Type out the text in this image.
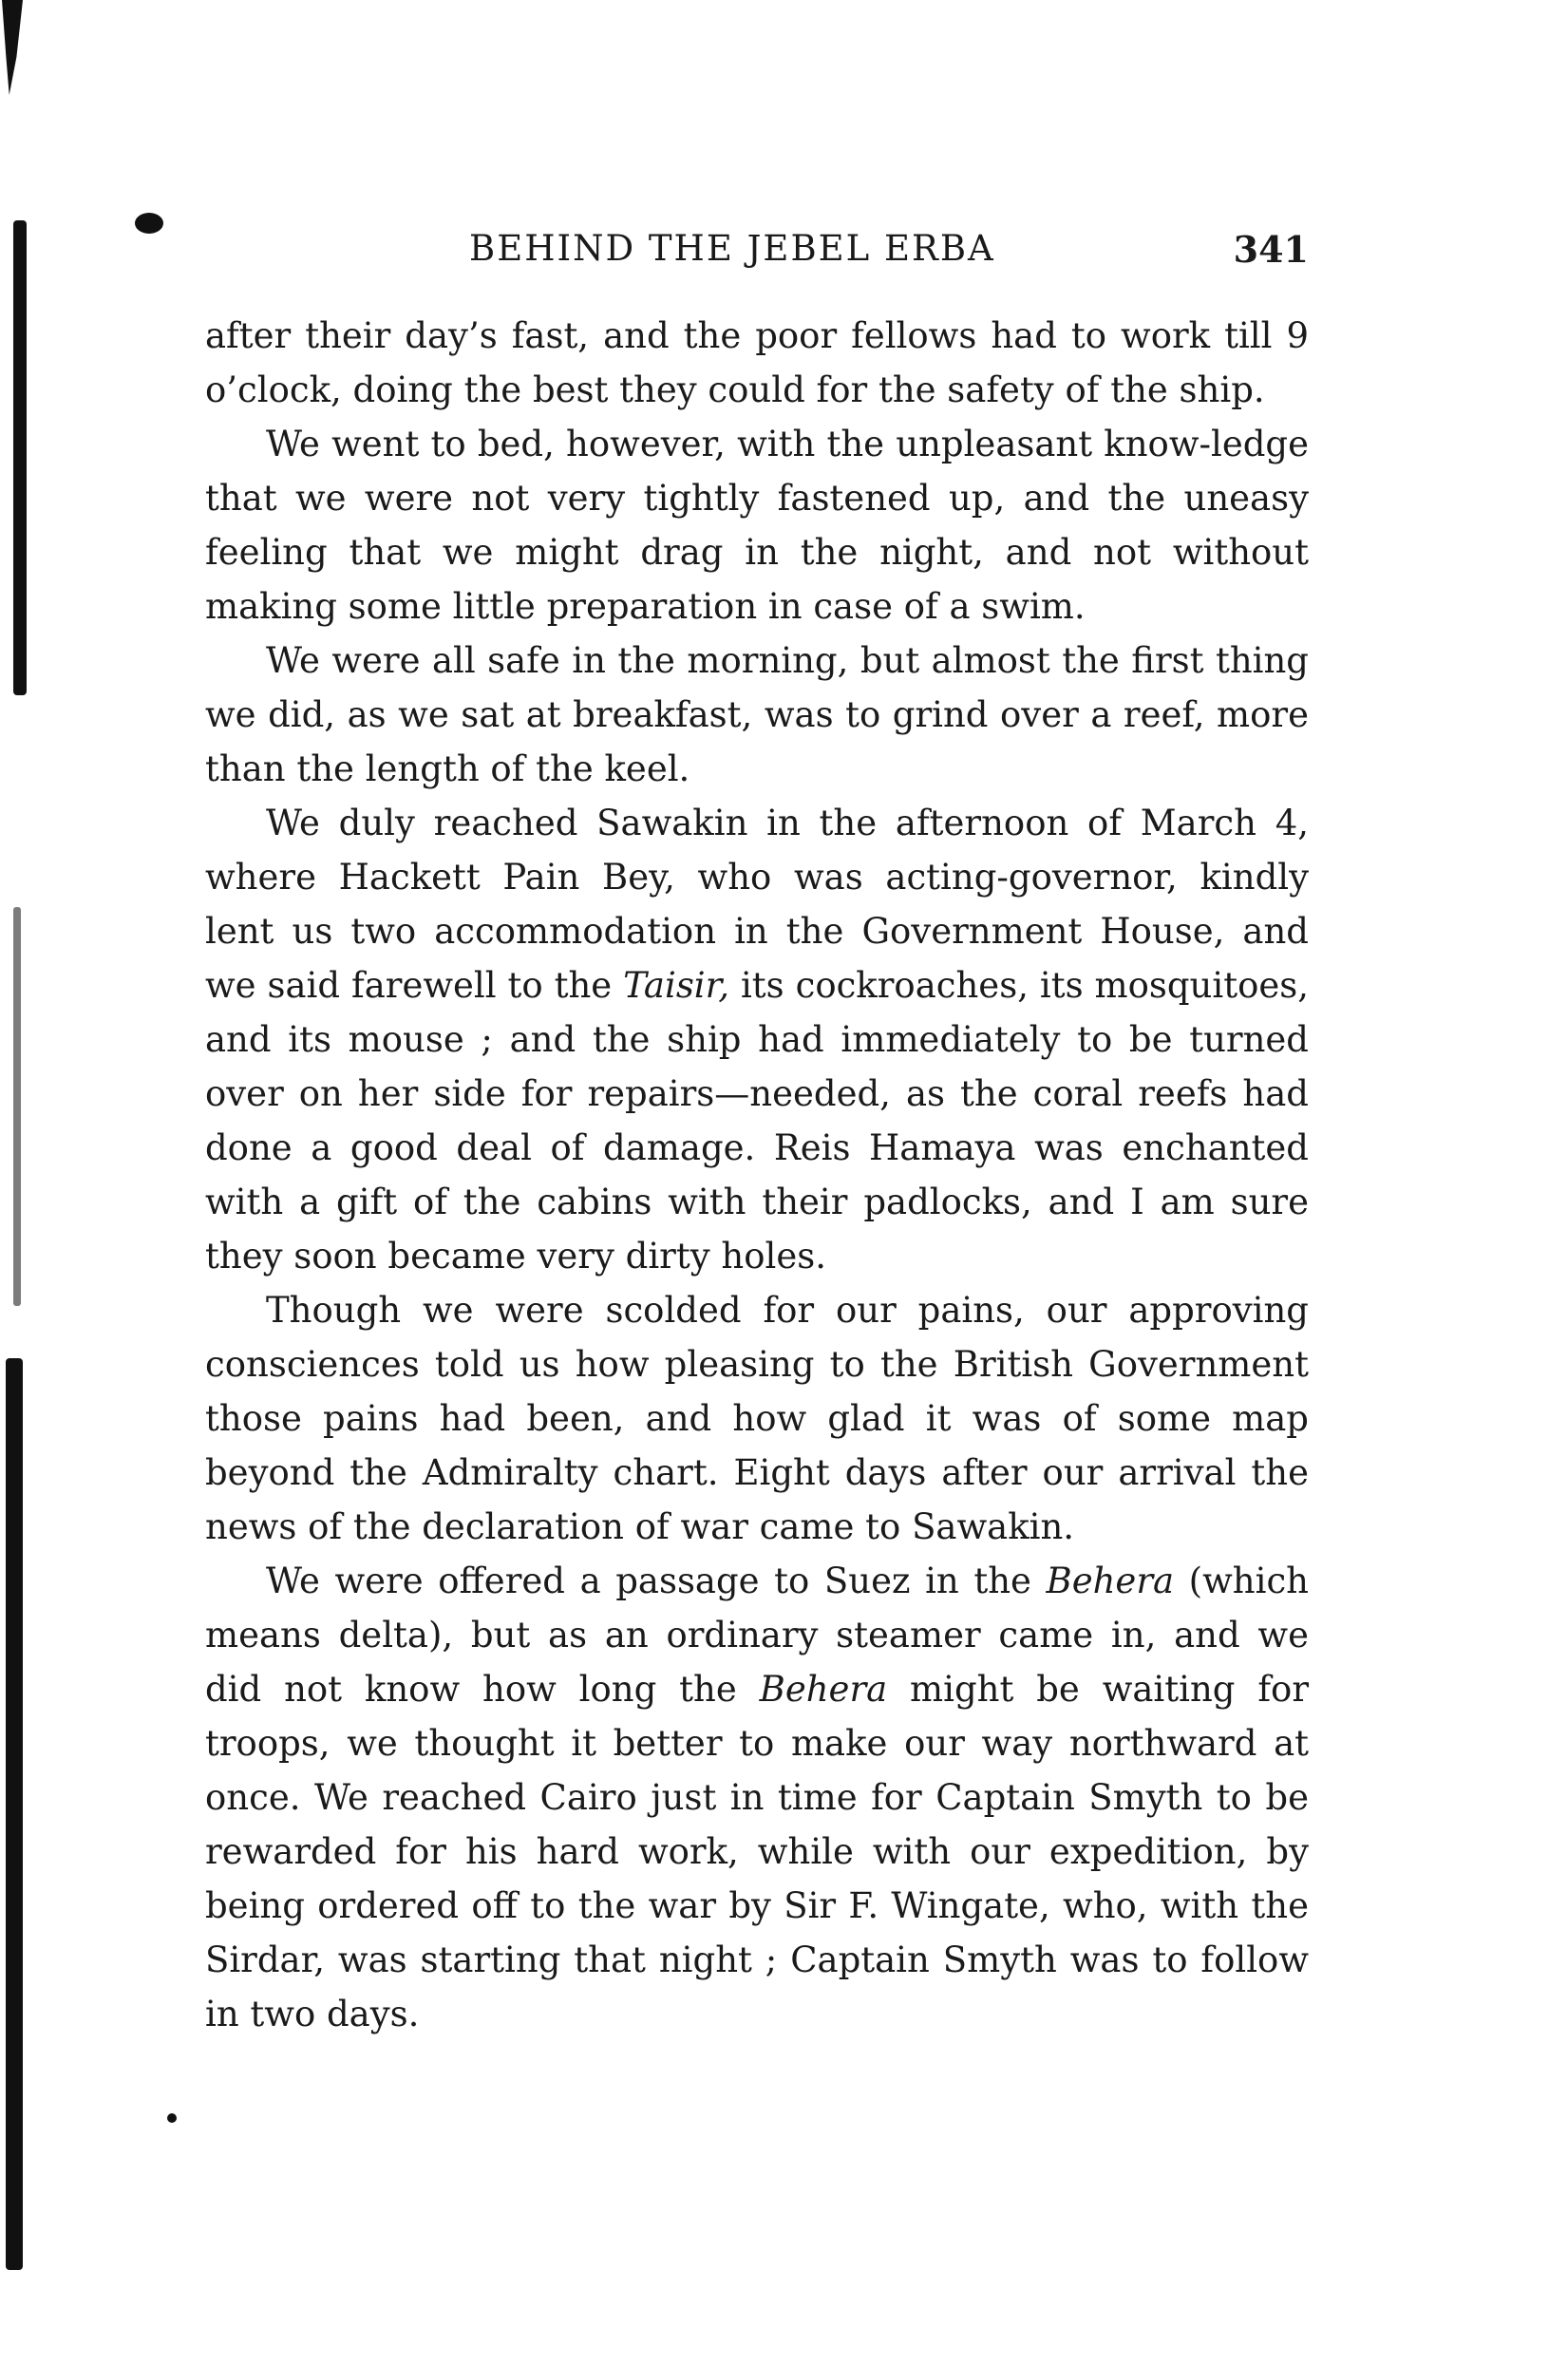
BEHIND THE JEBEL ERBA	341

after their day’s fast, and the poor fellows had to work till 9 o’clock, doing the best they could for the safety of the ship.

We went to bed, however, with the unpleasant know-ledge that we were not very tightly fastened up, and the uneasy feeling that we might drag in the night, and not without making some little preparation in case of a swim.

We were all safe in the morning, but almost the first thing we did, as we sat at breakfast, was to grind over a reef, more than the length of the keel.

We duly reached Sawakin in the afternoon of March 4, where Hackett Pain Bey, who was acting-governor, kindly lent us two accommodation in the Government House, and we said farewell to the Taisir, its cockroaches, its mosquitoes, and its mouse ; and the ship had immediately to be turned over on her side for repairs—needed, as the coral reefs had done a good deal of damage. Reis Hamaya was enchanted with a gift of the cabins with their padlocks, and I am sure they soon became very dirty holes.

Though we were scolded for our pains, our approving consciences told us how pleasing to the British Government those pains had been, and how glad it was of some map beyond the Admiralty chart. Eight days after our arrival the news of the declaration of war came to Sawakin.

We were offered a passage to Suez in the Behera (which means delta), but as an ordinary steamer came in, and we did not know how long the Behera might be waiting for troops, we thought it better to make our way northward at once. We reached Cairo just in time for Captain Smyth to be rewarded for his hard work, while with our expedition, by being ordered off to the war by Sir F. Wingate, who, with the Sirdar, was starting that night ; Captain Smyth was to follow in two days.
